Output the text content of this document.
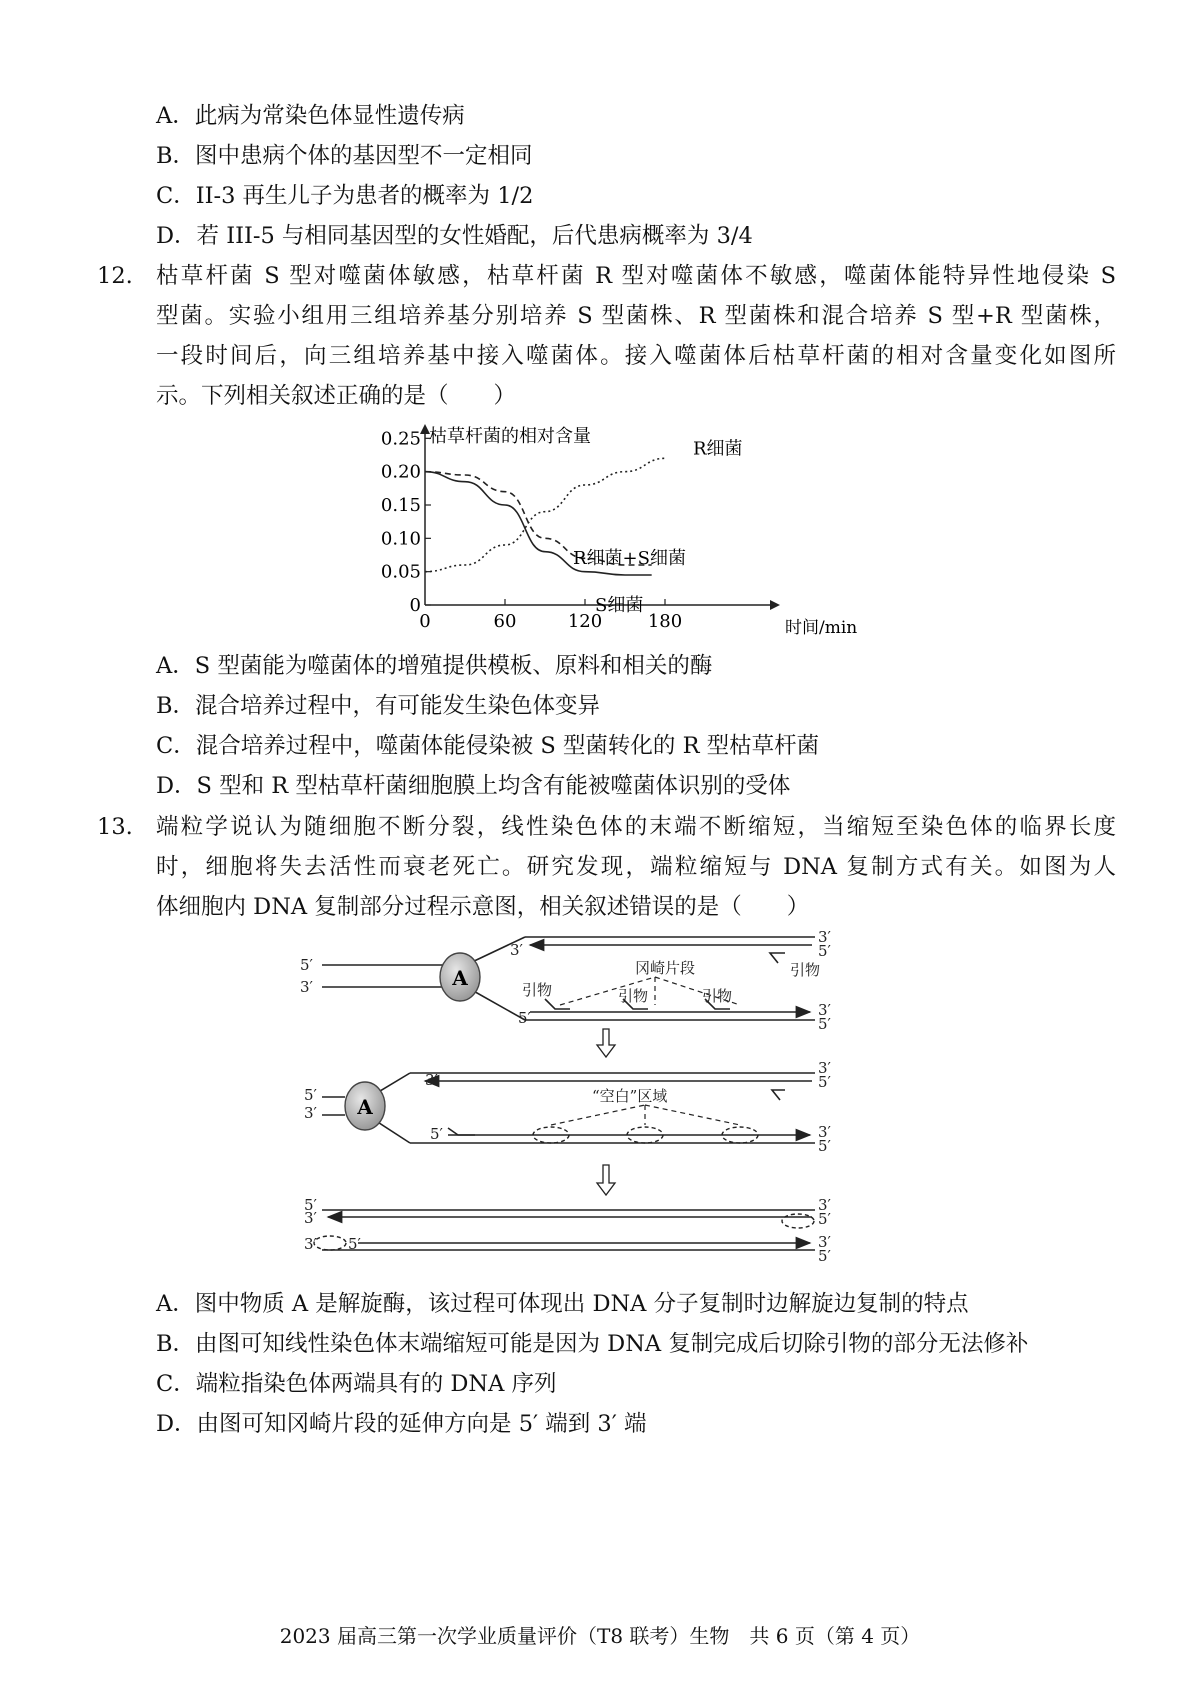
A．此病为常染色体显性遗传病
B．图中患病个体的基因型不一定相同
C．II-3 再生儿子为患者的概率为 1/2
D．若 III-5 与相同基因型的女性婚配，后代患病概率为 3/4
12. 枯草杆菌 S 型对噬菌体敏感，枯草杆菌 R 型对噬菌体不敏感，噬菌体能特异性地侵染 S
型菌。实验小组用三组培养基分别培养 S 型菌株、R 型菌株和混合培养 S 型+R 型菌株，
一段时间后，向三组培养基中接入噬菌体。接入噬菌体后枯草杆菌的相对含量变化如图所
示。下列相关叙述正确的是（　　）
0
0.05
0.10
0.15
0.20
0.25
0	60	120	180
枯草杆菌的相对含量
时间/min
R细菌
R细菌+S细菌
S细菌
A．S 型菌能为噬菌体的增殖提供模板、原料和相关的酶
B．混合培养过程中，有可能发生染色体变异
C．混合培养过程中，噬菌体能侵染被 S 型菌转化的 R 型枯草杆菌
D．S 型和 R 型枯草杆菌细胞膜上均含有能被噬菌体识别的受体
13. 端粒学说认为随细胞不断分裂，线性染色体的末端不断缩短，当缩短至染色体的临界长度
时，细胞将失去活性而衰老死亡。研究发现，端粒缩短与 DNA 复制方式有关。如图为人
体细胞内 DNA 复制部分过程示意图，相关叙述错误的是（　　）
A
A
5′
3′
3′
3′
5′
引物
冈崎片段
引物	引物	引物
5′	3′
5′
5′
3′
3′
3′
5′
“空白”区域
5′	3′
5′
5′
3′
3′
5′
3′ 5′	3′
5′
A．图中物质 A 是解旋酶，该过程可体现出 DNA 分子复制时边解旋边复制的特点
B．由图可知线性染色体末端缩短可能是因为 DNA 复制完成后切除引物的部分无法修补
C．端粒指染色体两端具有的 DNA 序列
D．由图可知冈崎片段的延伸方向是 5′ 端到 3′ 端
2023 届高三第一次学业质量评价（T8 联考）生物　共 6 页（第 4 页）
